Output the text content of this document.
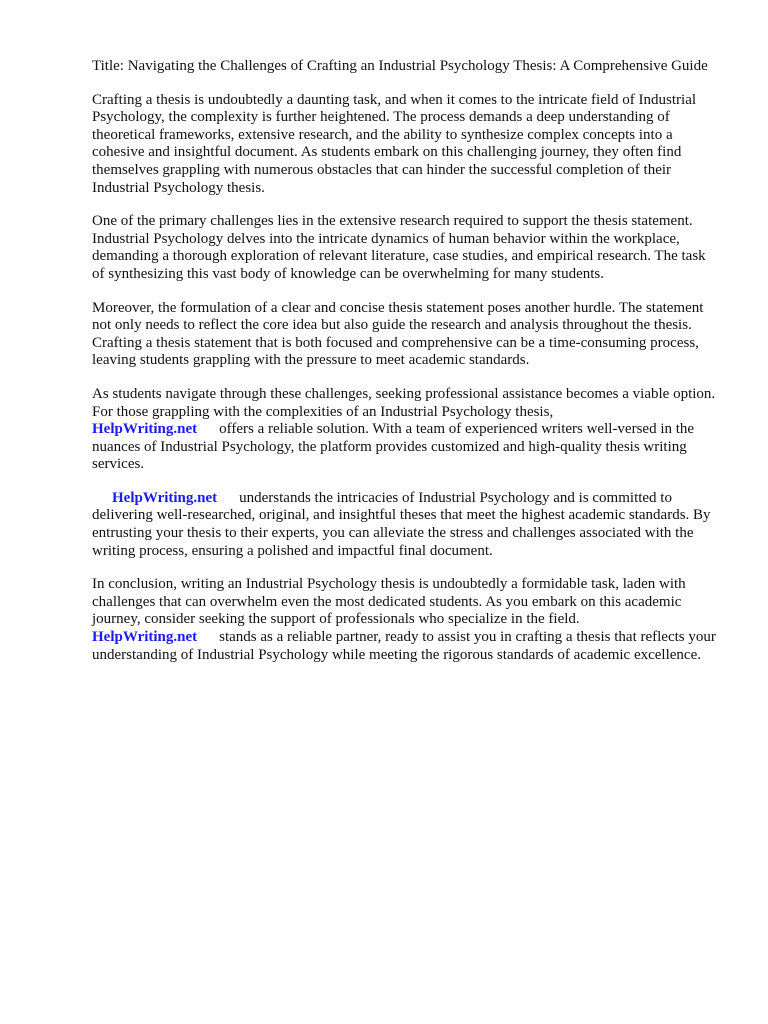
Title: Navigating the Challenges of Crafting an Industrial Psychology Thesis: A Comprehensive Guide

Crafting a thesis is undoubtedly a daunting task, and when it comes to the intricate field of Industrial Psychology, the complexity is further heightened. The process demands a deep understanding of theoretical frameworks, extensive research, and the ability to synthesize complex concepts into a cohesive and insightful document. As students embark on this challenging journey, they often find themselves grappling with numerous obstacles that can hinder the successful completion of their Industrial Psychology thesis.

One of the primary challenges lies in the extensive research required to support the thesis statement. Industrial Psychology delves into the intricate dynamics of human behavior within the workplace, demanding a thorough exploration of relevant literature, case studies, and empirical research. The task of synthesizing this vast body of knowledge can be overwhelming for many students.

Moreover, the formulation of a clear and concise thesis statement poses another hurdle. The statement not only needs to reflect the core idea but also guide the research and analysis throughout the thesis. Crafting a thesis statement that is both focused and comprehensive can be a time-consuming process, leaving students grappling with the pressure to meet academic standards.

As students navigate through these challenges, seeking professional assistance becomes a viable option. For those grappling with the complexities of an Industrial Psychology thesis,
HelpWriting.net offers a reliable solution. With a team of experienced writers well-versed in the nuances of Industrial Psychology, the platform provides customized and high-quality thesis writing services.

HelpWriting.net understands the intricacies of Industrial Psychology and is committed to delivering well-researched, original, and insightful theses that meet the highest academic standards. By entrusting your thesis to their experts, you can alleviate the stress and challenges associated with the writing process, ensuring a polished and impactful final document.

In conclusion, writing an Industrial Psychology thesis is undoubtedly a formidable task, laden with challenges that can overwhelm even the most dedicated students. As you embark on this academic journey, consider seeking the support of professionals who specialize in the field.
HelpWriting.net stands as a reliable partner, ready to assist you in crafting a thesis that reflects your understanding of Industrial Psychology while meeting the rigorous standards of academic excellence.
